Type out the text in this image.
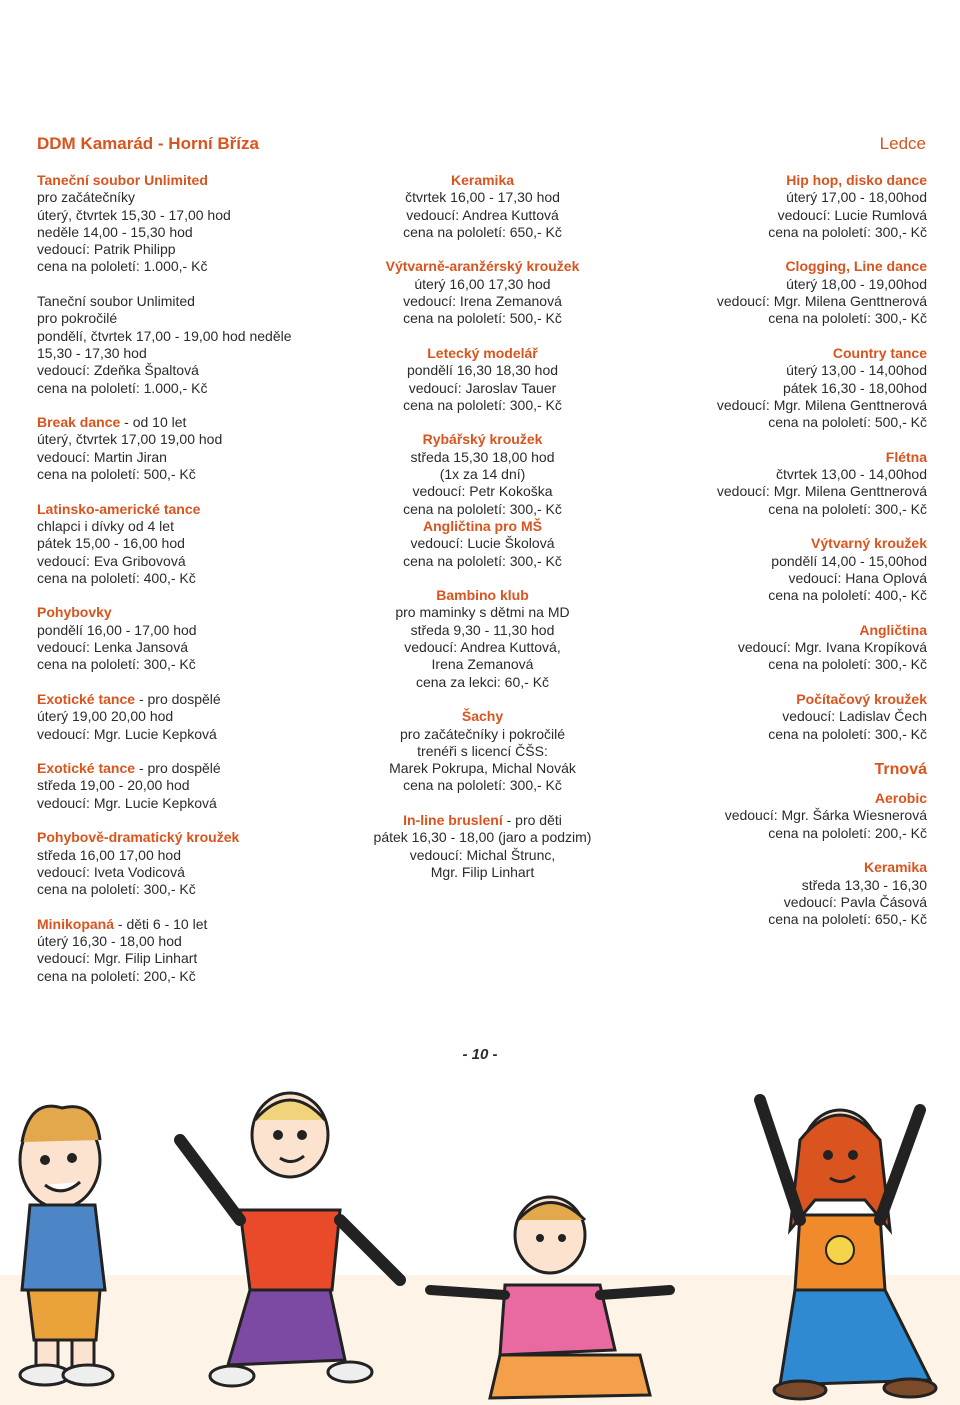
DDM Kamarád - Horní Bříza	Ledce
Taneční soubor Unlimited
pro začátečníky
úterý, čtvrtek 15,30 - 17,00 hod
neděle 14,00 - 15,30 hod
vedoucí: Patrik Philipp
cena na pololetí: 1.000,- Kč
Taneční soubor Unlimited
pro pokročilé
pondělí, čtvrtek 17,00 - 19,00 hod neděle
15,30 - 17,30 hod
vedoucí: Zdeňka Špaltová
cena na pololetí: 1.000,- Kč
Break dance - od 10 let
úterý, čtvrtek 17,00 19,00 hod
vedoucí: Martin Jiran
cena na pololetí: 500,- Kč
Latinsko-americké tance
chlapci i dívky od 4 let
pátek 15,00 - 16,00 hod
vedoucí: Eva Gribovová
cena na pololetí: 400,- Kč
Pohybovky
pondělí 16,00 - 17,00 hod
vedoucí: Lenka Jansová
cena na pololetí: 300,- Kč
Exotické tance - pro dospělé
úterý 19,00 20,00 hod
vedoucí: Mgr. Lucie Kepková
Exotické tance - pro dospělé
středa 19,00 - 20,00 hod
vedoucí: Mgr. Lucie Kepková
Pohybově-dramatický kroužek
středa 16,00 17,00 hod
vedoucí: Iveta Vodicová
cena na pololetí: 300,- Kč
Minikopaná - děti 6 - 10 let
úterý 16,30 - 18,00 hod
vedoucí: Mgr. Filip Linhart
cena na pololetí: 200,- Kč
Keramika
čtvrtek 16,00 - 17,30 hod
vedoucí: Andrea Kuttová
cena na pololetí: 650,- Kč
Výtvarně-aranžérský kroužek
úterý 16,00 17,30 hod
vedoucí: Irena Zemanová
cena na pololetí: 500,- Kč
Letecký modelář
pondělí 16,30 18,30 hod
vedoucí: Jaroslav Tauer
cena na pololetí: 300,- Kč
Rybářský kroužek
středa 15,30 18,00 hod
(1x za 14 dní)
vedoucí: Petr Kokoška
cena na pololetí: 300,- Kč
Angličtina pro MŠ
vedoucí: Lucie Školová
cena na pololetí: 300,- Kč
Bambino klub
pro maminky s dětmi na MD
středa 9,30 - 11,30 hod
vedoucí: Andrea Kuttová,
Irena Zemanová
cena za lekci: 60,- Kč
Šachy
pro začátečníky i pokročilé
trenéři s licencí ČŠS:
Marek Pokrupa, Michal Novák
cena na pololetí: 300,- Kč
In-line bruslení - pro děti
pátek 16,30 - 18,00 (jaro a podzim)
vedoucí: Michal Štrunc,
Mgr. Filip Linhart
Hip hop, disko dance
úterý 17,00 - 18,00hod
vedoucí: Lucie Rumlová
cena na pololetí: 300,- Kč
Clogging, Line dance
úterý 18,00 - 19,00hod
vedoucí: Mgr. Milena Genttnerová
cena na pololetí: 300,- Kč
Country tance
úterý 13,00 - 14,00hod
pátek 16,30 - 18,00hod
vedoucí: Mgr. Milena Genttnerová
cena na pololetí: 500,- Kč
Flétna
čtvrtek 13,00 - 14,00hod
vedoucí: Mgr. Milena Genttnerová
cena na pololetí: 300,- Kč
Výtvarný kroužek
pondělí 14,00 - 15,00hod
vedoucí: Hana Oplová
cena na pololetí: 400,- Kč
Angličtina
vedoucí: Mgr. Ivana Kropíková
cena na pololetí: 300,- Kč
Počítačový kroužek
vedoucí: Ladislav Čech
cena na pololetí: 300,- Kč
Trnová
Aerobic
vedoucí: Mgr. Šárka Wiesnerová
cena na pololetí: 200,- Kč
Keramika
středa 13,30 - 16,30
vedoucí: Pavla Čásová
cena na pololetí: 650,- Kč
- 10 -
